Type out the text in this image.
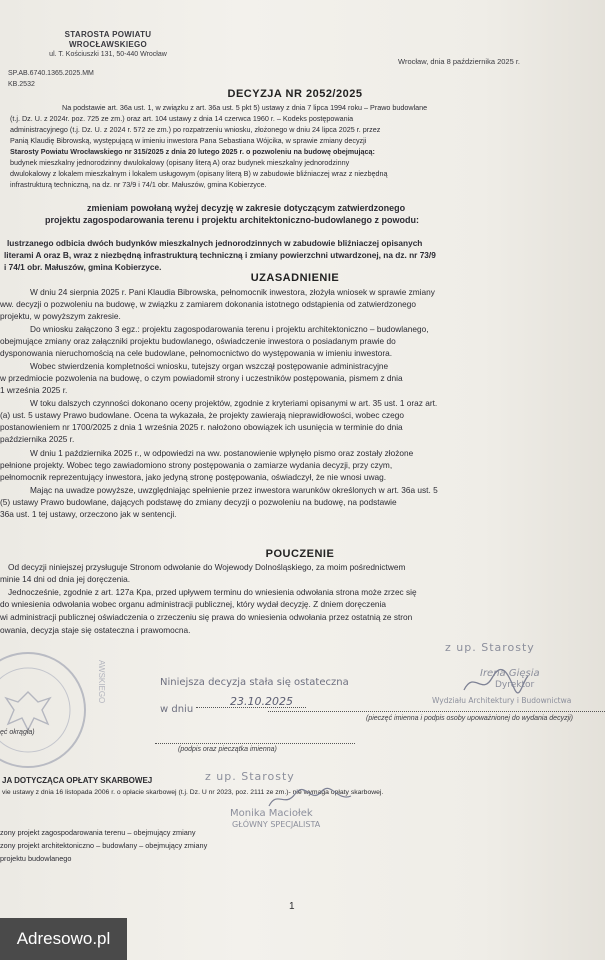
STAROSTA POWIATU
WROCŁAWSKIEGO
ul. T. Kościuszki 131, 50-440 Wrocław
SP.AB.6740.1365.2025.MM
KB.2532
Wrocław, dnia 8 października 2025 r.
DECYZJA NR 2052/2025
Na podstawie art. 36a ust. 1, w związku z art. 36a ust. 5 pkt 5) ustawy z dnia 7 lipca 1994 roku – Prawo budowlane
(t.j. Dz. U. z 2024r. poz. 725 ze zm.) oraz art. 104 ustawy z dnia 14 czerwca 1960 r. – Kodeks postępowania
administracyjnego (t.j. Dz. U. z 2024 r. 572 ze zm.) po rozpatrzeniu wniosku, złożonego w dniu 24 lipca 2025 r. przez
Panią Klaudię Bibrowską, występującą w imieniu inwestora Pana Sebastiana Wójcika, w sprawie zmiany decyzji
Starosty Powiatu Wrocławskiego nr 315/2025 z dnia 20 lutego 2025 r. o pozwoleniu na budowę obejmującą:
budynek mieszkalny jednorodzinny dwulokalowy (opisany literą A) oraz budynek mieszkalny jednorodzinny
dwulokalowy z lokalem mieszkalnym i lokalem usługowym (opisany literą B) w zabudowie bliźniaczej wraz z niezbędną
infrastrukturą techniczną, na dz. nr 73/9 i 74/1 obr. Małuszów, gmina Kobierzyce.
zmieniam powołaną wyżej decyzję w zakresie dotyczącym zatwierdzonego
projektu zagospodarowania terenu i projektu architektoniczno-budowlanego z powodu:
lustrzanego odbicia dwóch budynków mieszkalnych jednorodzinnych w zabudowie bliźniaczej opisanych
literami A oraz B, wraz z niezbędną infrastrukturą techniczną i zmiany powierzchni utwardzonej, na dz. nr 73/9
i 74/1 obr. Małuszów, gmina Kobierzyce.
UZASADNIENIE
W dniu 24 sierpnia 2025 r. Pani Klaudia Bibrowska, pełnomocnik inwestora, złożyła wniosek w sprawie zmiany
ww. decyzji o pozwoleniu na budowę, w związku z zamiarem dokonania istotnego odstąpienia od zatwierdzonego
projektu, w powyższym zakresie.
Do wniosku załączono 3 egz.: projektu zagospodarowania terenu i projektu architektoniczno – budowlanego,
obejmujące zmiany oraz załączniki projektu budowlanego, oświadczenie inwestora o posiadanym prawie do
dysponowania nieruchomością na cele budowlane, pełnomocnictwo do występowania w imieniu inwestora.
Wobec stwierdzenia kompletności wniosku, tutejszy organ wszczął postępowanie administracyjne
w przedmiocie pozwolenia na budowę, o czym powiadomił strony i uczestników postępowania, pismem z dnia
1 września 2025 r.
W toku dalszych czynności dokonano oceny projektów, zgodnie z kryteriami opisanymi w art. 35 ust. 1 oraz art.
(a) ust. 5 ustawy Prawo budowlane. Ocena ta wykazała, że projekty zawierają nieprawidłowości, wobec czego
postanowieniem nr 1700/2025 z dnia 1 września 2025 r. nałożono obowiązek ich usunięcia w terminie do dnia
października 2025 r.
W dniu 1 października 2025 r., w odpowiedzi na ww. postanowienie wpłynęło pismo oraz zostały złożone
pełnione projekty. Wobec tego zawiadomiono strony postępowania o zamiarze wydania decyzji, przy czym,
pełnomocnik reprezentujący inwestora, jako jedyną stronę postępowania, oświadczył, że nie wnosi uwag.
Mając na uwadze powyższe, uwzględniając spełnienie przez inwestora warunków określonych w art. 36a ust. 5
(5) ustawy Prawo budowlane, dających podstawę do zmiany decyzji o pozwoleniu na budowę, na podstawie
36a ust. 1 tej ustawy, orzeczono jak w sentencji.
POUCZENIE
Od decyzji niniejszej przysługuje Stronom odwołanie do Wojewody Dolnośląskiego, za moim pośrednictwem
minie 14 dni od dnia jej doręczenia.
Jednocześnie, zgodnie z art. 127a Kpa, przed upływem terminu do wniesienia odwołania strona może zrzec się
do wniesienia odwołania wobec organu administracji publicznej, który wydał decyzję. Z dniem doręczenia
wi administracji publicznej oświadczenia o zrzeczeniu się prawa do wniesienia odwołania przez ostatnią ze stron
owania, decyzja staje się ostateczna i prawomocna.
AWSKIEGO
ęć okrągła)
z up. Starosty
Niniejsza decyzja stała się ostateczna
w dniu
23.10.2025
Irena Gięsia
Dyrektor
Wydziału Architektury i Budownictwa
(pieczęć imienna i podpis osoby upoważnionej do wydania decyzji)
(podpis oraz pieczątka imienna)
z up. Starosty
JA DOTYCZĄCA OPŁATY SKARBOWEJ
vie ustawy z dnia 16 listopada 2006 r. o opłacie skarbowej (t.j. Dz. U nr 2023, poz. 2111 ze zm.)- nie wymaga opłaty skarbowej.
Monika Maciołek
GŁÓWNY SPECJALISTA
zony projekt zagospodarowania terenu – obejmujący zmiany
zony projekt architektoniczno – budowlany – obejmujący zmiany
projektu budowlanego
1
Adresowo.pl
